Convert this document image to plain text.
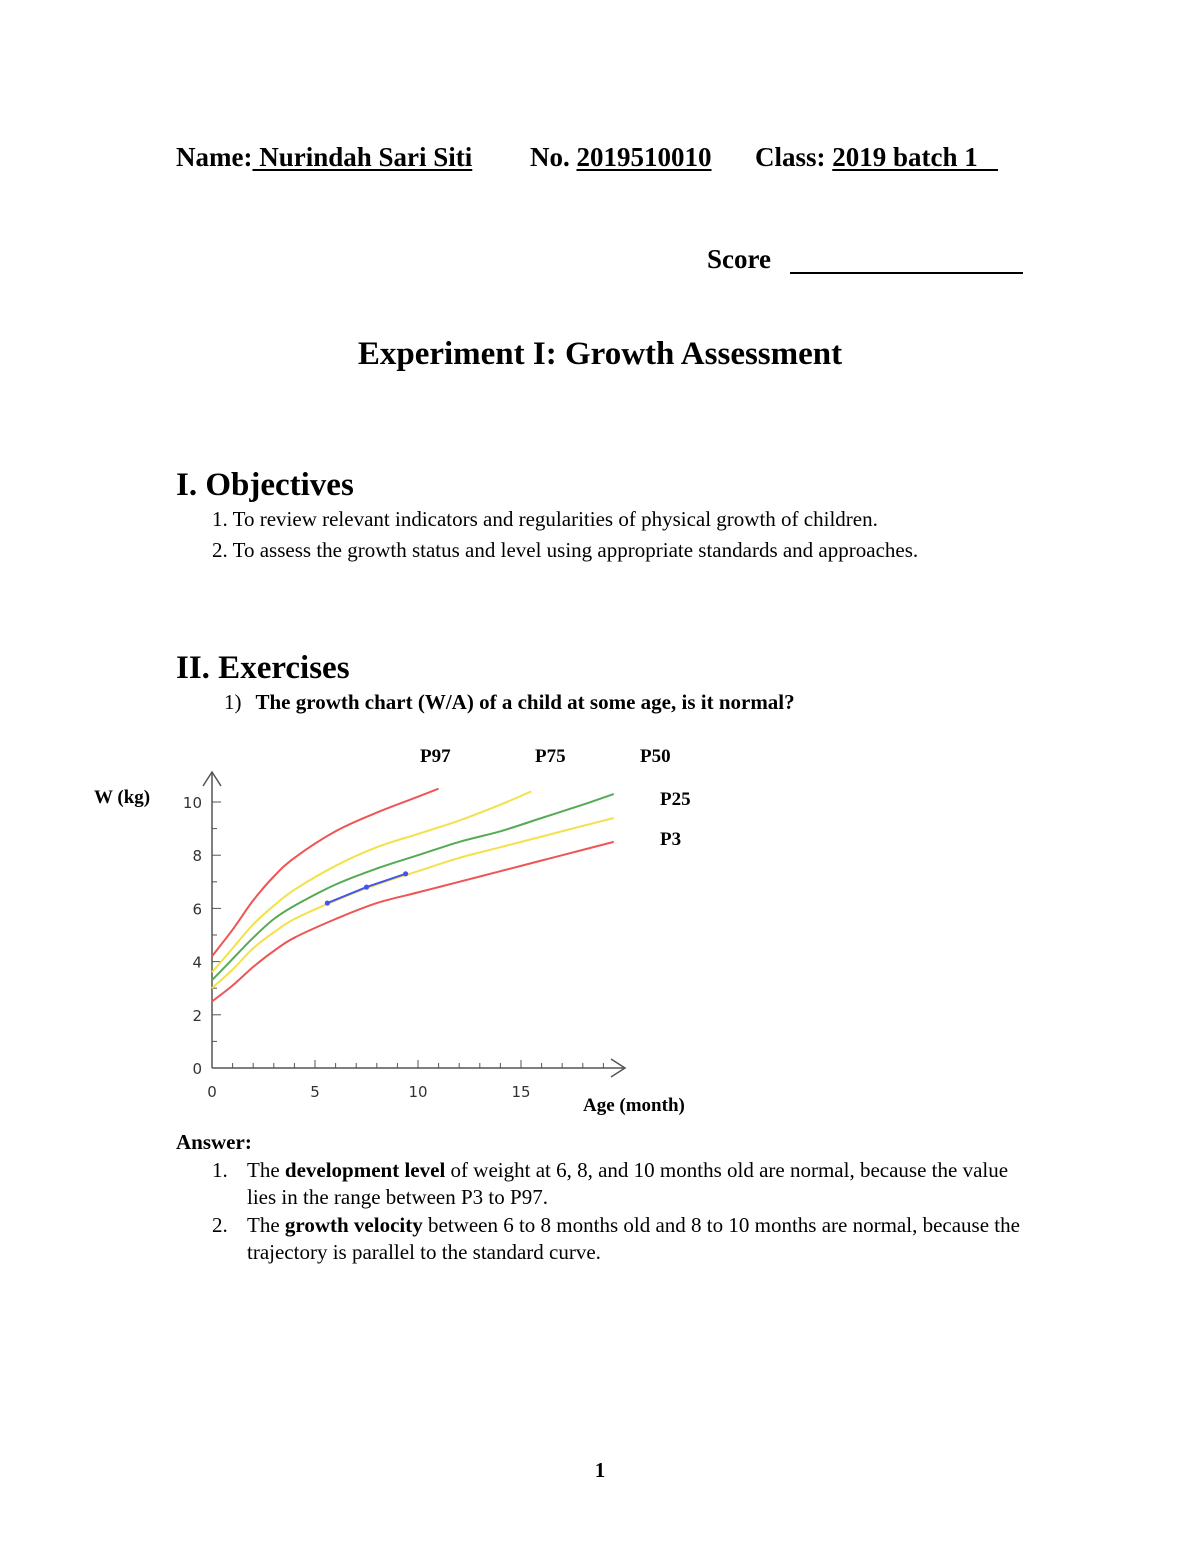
Name: Nurindah Sari Siti No. 2019510010 Class: 2019 batch 1
Score
Experiment I: Growth Assessment
I. Objectives
1. To review relevant indicators and regularities of physical growth of children.
2. To assess the growth status and level using appropriate standards and approaches.
II. Exercises
1) The growth chart (W/A) of a child at some age, is it normal?
0	5	10	15
0
2
4
6
8
10
W (kg)
Age (month)
P97	P75	P50
P25
P3
Answer:
1. The development level of weight at 6, 8, and 10 months old are normal, because the value lies in the range between P3 to P97.
2. The growth velocity between 6 to 8 months old and 8 to 10 months are normal, because the trajectory is parallel to the standard curve.
1
